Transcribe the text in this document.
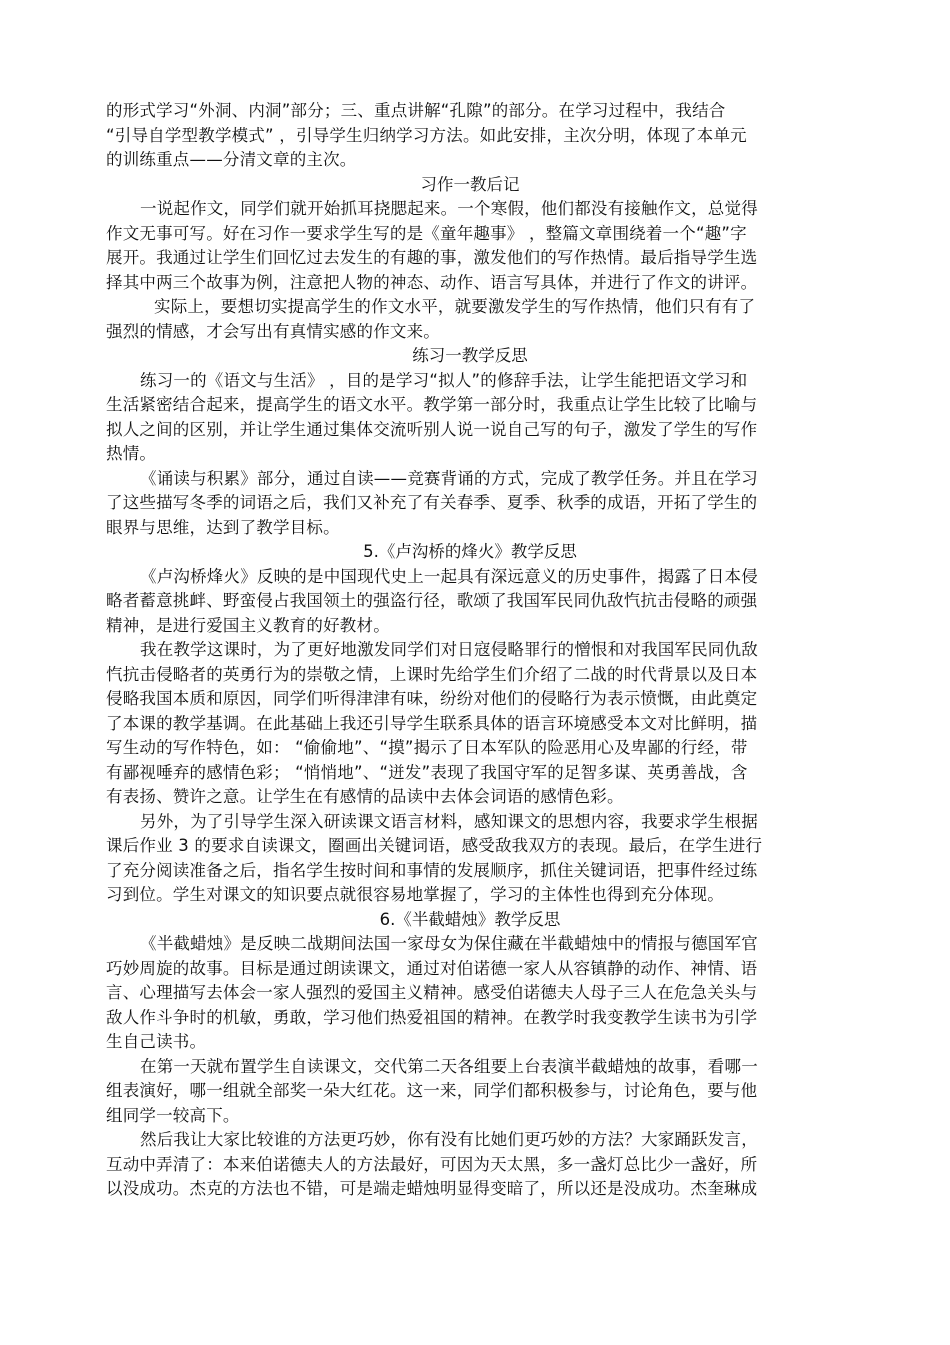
的形式学习“外洞、内洞”部分；三、重点讲解“孔隙”的部分。在学习过程中，我结合
“引导自学型教学模式” ，引导学生归纳学习方法。如此安排，主次分明，体现了本单元
的训练重点——分清文章的主次。
习作一教后记
一说起作文，同学们就开始抓耳挠腮起来。一个寒假，他们都没有接触作文，总觉得
作文无事可写。好在习作一要求学生写的是《童年趣事》 ，整篇文章围绕着一个“趣”字
展开。我通过让学生们回忆过去发生的有趣的事，激发他们的写作热情。最后指导学生选
择其中两三个故事为例，注意把人物的神态、动作、语言写具体，并进行了作文的讲评。
实际上，要想切实提高学生的作文水平，就要激发学生的写作热情，他们只有有了
强烈的情感，才会写出有真情实感的作文来。
练习一教学反思
练习一的《语文与生活》 ，目的是学习“拟人”的修辞手法，让学生能把语文学习和
生活紧密结合起来，提高学生的语文水平。教学第一部分时，我重点让学生比较了比喻与
拟人之间的区别，并让学生通过集体交流听别人说一说自己写的句子，激发了学生的写作
热情。
《诵读与积累》部分，通过自读——竞赛背诵的方式，完成了教学任务。并且在学习
了这些描写冬季的词语之后，我们又补充了有关春季、夏季、秋季的成语，开拓了学生的
眼界与思维，达到了教学目标。
5.《卢沟桥的烽火》教学反思
《卢沟桥烽火》反映的是中国现代史上一起具有深远意义的历史事件，揭露了日本侵
略者蓄意挑衅、野蛮侵占我国领土的强盗行径，歌颂了我国军民同仇敌忾抗击侵略的顽强
精神，是进行爱国主义教育的好教材。
我在教学这课时，为了更好地激发同学们对日寇侵略罪行的憎恨和对我国军民同仇敌
忾抗击侵略者的英勇行为的崇敬之情，上课时先给学生们介绍了二战的时代背景以及日本
侵略我国本质和原因，同学们听得津津有味，纷纷对他们的侵略行为表示愤慨，由此奠定
了本课的教学基调。在此基础上我还引导学生联系具体的语言环境感受本文对比鲜明，描
写生动的写作特色，如： “偷偷地”、“摸”揭示了日本军队的险恶用心及卑鄙的行经，带
有鄙视唾弃的感情色彩； “悄悄地”、“迸发”表现了我国守军的足智多谋、英勇善战，含
有表扬、赞许之意。让学生在有感情的品读中去体会词语的感情色彩。
另外，为了引导学生深入研读课文语言材料，感知课文的思想内容，我要求学生根据
课后作业 3 的要求自读课文，圈画出关键词语，感受敌我双方的表现。最后，在学生进行
了充分阅读准备之后，指名学生按时间和事情的发展顺序，抓住关键词语，把事件经过练
习到位。学生对课文的知识要点就很容易地掌握了，学习的主体性也得到充分体现。
6.《半截蜡烛》教学反思
《半截蜡烛》是反映二战期间法国一家母女为保住藏在半截蜡烛中的情报与德国军官
巧妙周旋的故事。目标是通过朗读课文，通过对伯诺德一家人从容镇静的动作、神情、语
言、心理描写去体会一家人强烈的爱国主义精神。感受伯诺德夫人母子三人在危急关头与
敌人作斗争时的机敏，勇敢，学习他们热爱祖国的精神。在教学时我变教学生读书为引学
生自己读书。
在第一天就布置学生自读课文，交代第二天各组要上台表演半截蜡烛的故事，看哪一
组表演好，哪一组就全部奖一朵大红花。这一来，同学们都积极参与，讨论角色，要与他
组同学一较高下。
然后我让大家比较谁的方法更巧妙，你有没有比她们更巧妙的方法？大家踊跃发言，
互动中弄清了：本来伯诺德夫人的方法最好，可因为天太黑，多一盏灯总比少一盏好，所
以没成功。杰克的方法也不错，可是端走蜡烛明显得变暗了，所以还是没成功。杰奎琳成
